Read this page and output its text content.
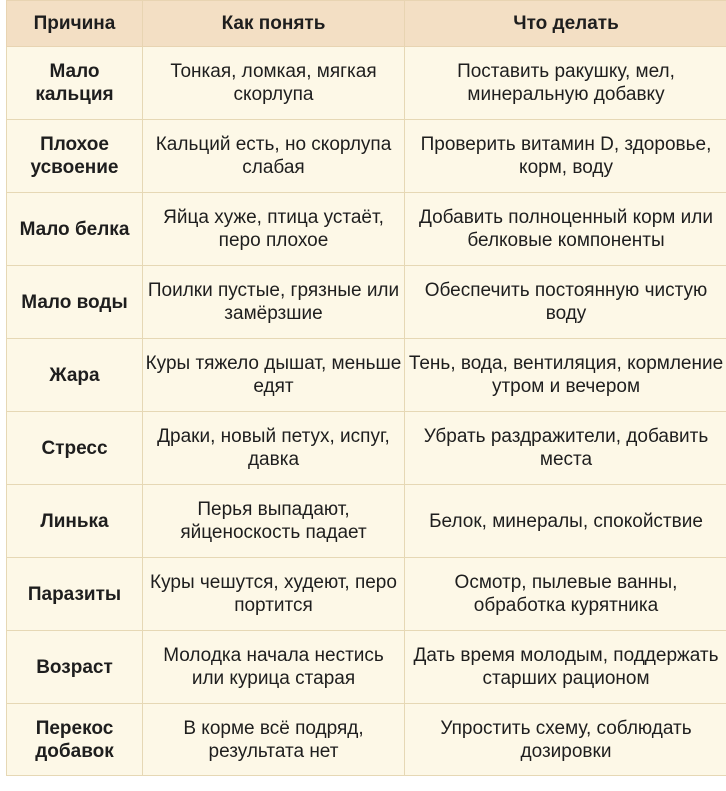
Причина	Как понять	Что делать
Мало кальция	Тонкая, ломкая, мягкая скорлупа	Поставить ракушку, мел, минеральную добавку
Плохое усвоение	Кальций есть, но скорлупа слабая	Проверить витамин D, здоровье, корм, воду
Мало белка	Яйца хуже, птица устаёт, перо плохое	Добавить полноценный корм или белковые компоненты
Мало воды	Поилки пустые, грязные или замёрзшие	Обеспечить постоянную чистую воду
Жара	Куры тяжело дышат, меньше едят	Тень, вода, вентиляция, кормление утром и вечером
Стресс	Драки, новый петух, испуг, давка	Убрать раздражители, добавить места
Линька	Перья выпадают, яйценоскость падает	Белок, минералы, спокойствие
Паразиты	Куры чешутся, худеют, перо портится	Осмотр, пылевые ванны, обработка курятника
Возраст	Молодка начала нестись или курица старая	Дать время молодым, поддержать старших рационом
Перекос добавок	В корме всё подряд, результата нет	Упростить схему, соблюдать дозировки
